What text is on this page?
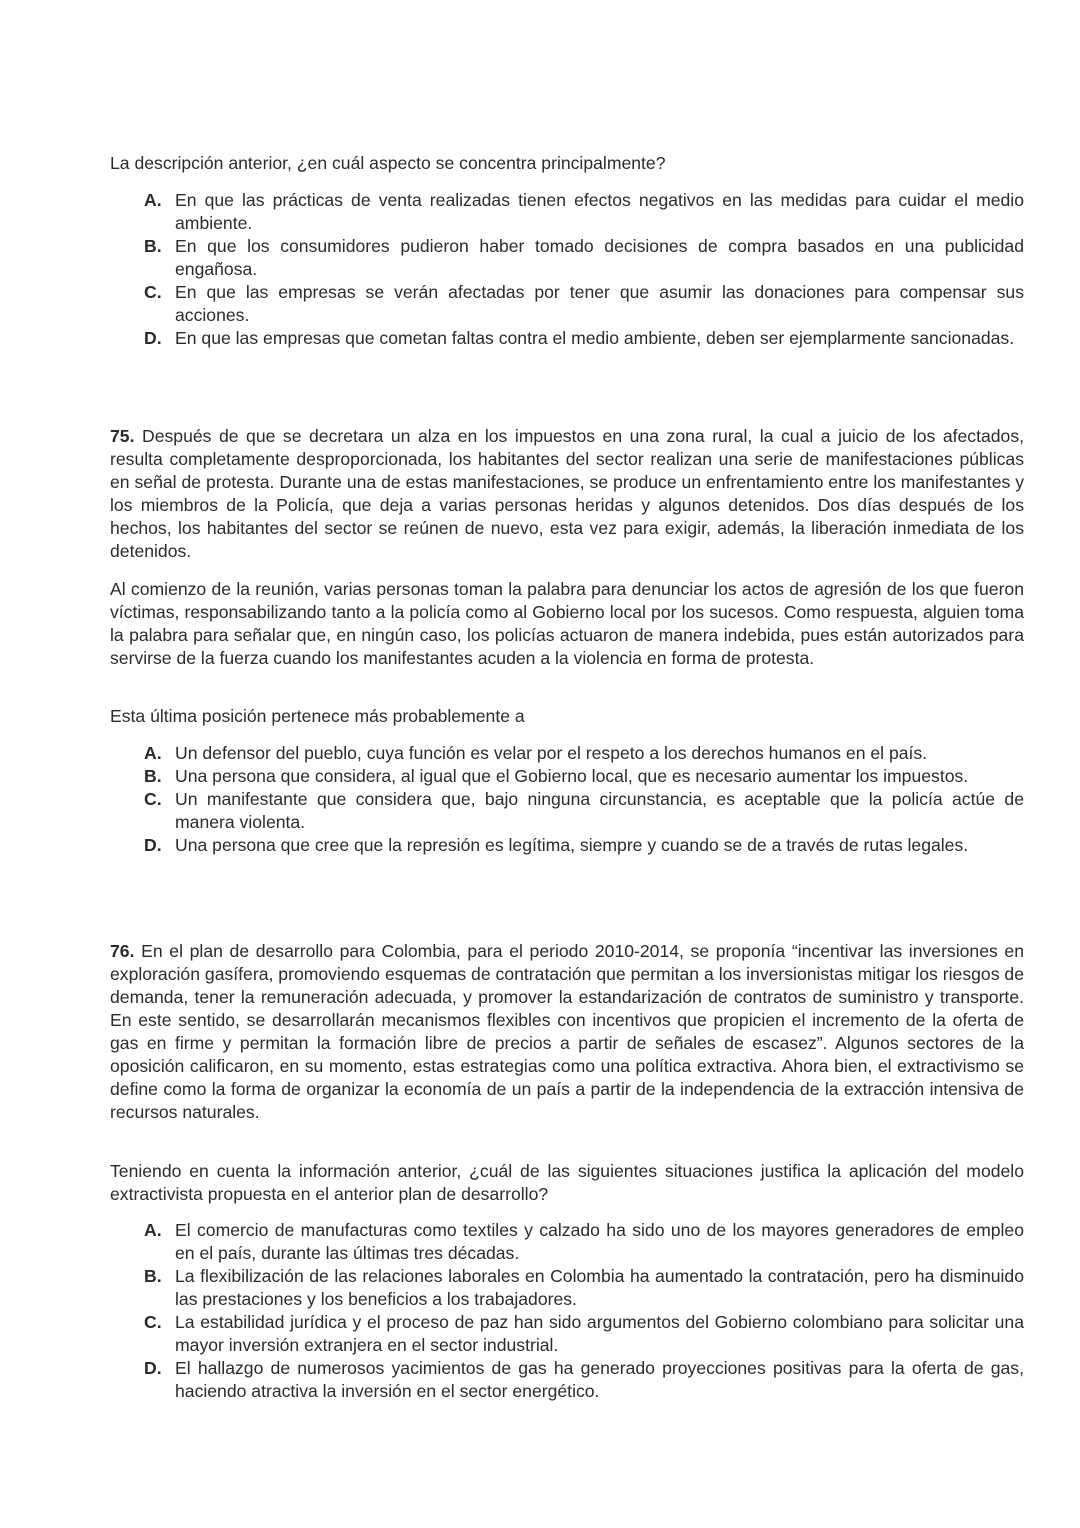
La descripción anterior, ¿en cuál aspecto se concentra principalmente?

A. En que las prácticas de venta realizadas tienen efectos negativos en las medidas para cuidar el medio ambiente.
B. En que los consumidores pudieron haber tomado decisiones de compra basados en una publicidad engañosa.
C. En que las empresas se verán afectadas por tener que asumir las donaciones para compensar sus acciones.
D. En que las empresas que cometan faltas contra el medio ambiente, deben ser ejemplarmente sancionadas.

75. Después de que se decretara un alza en los impuestos en una zona rural, la cual a juicio de los afectados, resulta completamente desproporcionada, los habitantes del sector realizan una serie de manifestaciones públicas en señal de protesta. Durante una de estas manifestaciones, se produce un enfrentamiento entre los manifestantes y los miembros de la Policía, que deja a varias personas heridas y algunos detenidos. Dos días después de los hechos, los habitantes del sector se reúnen de nuevo, esta vez para exigir, además, la liberación inmediata de los detenidos.

Al comienzo de la reunión, varias personas toman la palabra para denunciar los actos de agresión de los que fueron víctimas, responsabilizando tanto a la policía como al Gobierno local por los sucesos. Como respuesta, alguien toma la palabra para señalar que, en ningún caso, los policías actuaron de manera indebida, pues están autorizados para servirse de la fuerza cuando los manifestantes acuden a la violencia en forma de protesta.

Esta última posición pertenece más probablemente a

A. Un defensor del pueblo, cuya función es velar por el respeto a los derechos humanos en el país.
B. Una persona que considera, al igual que el Gobierno local, que es necesario aumentar los impuestos.
C. Un manifestante que considera que, bajo ninguna circunstancia, es aceptable que la policía actúe de manera violenta.
D. Una persona que cree que la represión es legítima, siempre y cuando se de a través de rutas legales.

76. En el plan de desarrollo para Colombia, para el periodo 2010-2014, se proponía “incentivar las inversiones en exploración gasífera, promoviendo esquemas de contratación que permitan a los inversionistas mitigar los riesgos de demanda, tener la remuneración adecuada, y promover la estandarización de contratos de suministro y transporte. En este sentido, se desarrollarán mecanismos flexibles con incentivos que propicien el incremento de la oferta de gas en firme y permitan la formación libre de precios a partir de señales de escasez”. Algunos sectores de la oposición calificaron, en su momento, estas estrategias como una política extractiva. Ahora bien, el extractivismo se define como la forma de organizar la economía de un país a partir de la independencia de la extracción intensiva de recursos naturales.

Teniendo en cuenta la información anterior, ¿cuál de las siguientes situaciones justifica la aplicación del modelo extractivista propuesta en el anterior plan de desarrollo?

A. El comercio de manufacturas como textiles y calzado ha sido uno de los mayores generadores de empleo en el país, durante las últimas tres décadas.
B. La flexibilización de las relaciones laborales en Colombia ha aumentado la contratación, pero ha disminuido las prestaciones y los beneficios a los trabajadores.
C. La estabilidad jurídica y el proceso de paz han sido argumentos del Gobierno colombiano para solicitar una mayor inversión extranjera en el sector industrial.
D. El hallazgo de numerosos yacimientos de gas ha generado proyecciones positivas para la oferta de gas, haciendo atractiva la inversión en el sector energético.
